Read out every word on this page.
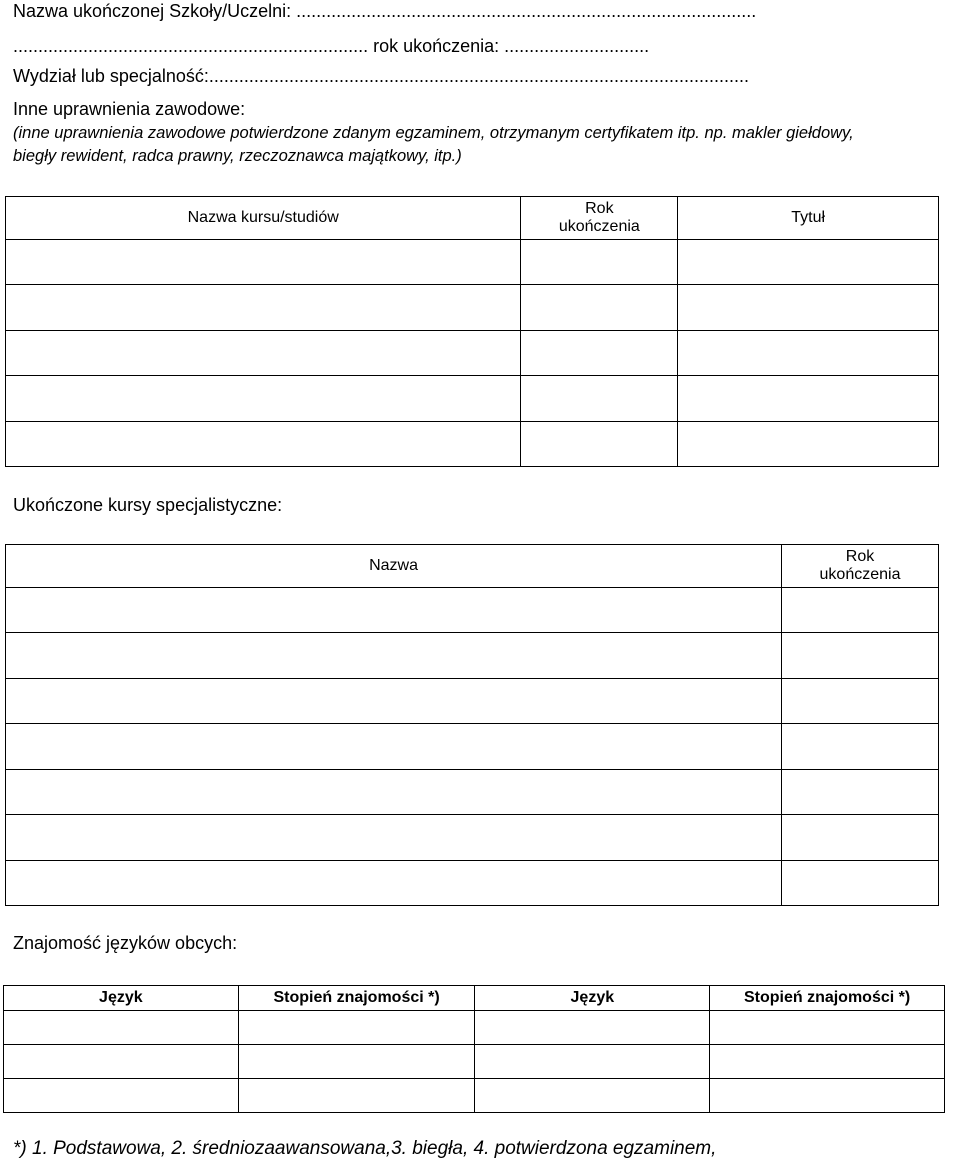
Nazwa ukończonej Szkoły/Uczelni: ............................................................................................
....................................................................... rok ukończenia: .............................
Wydział lub specjalność:............................................................................................................
Inne uprawnienia zawodowe:
(inne uprawnienia zawodowe potwierdzone zdanym egzaminem, otrzymanym certyfikatem itp. np. makler giełdowy,
biegły rewident, radca prawny, rzeczoznawca majątkowy, itp.)
Nazwa kursu/studiów	Rok ukończenia	Tytuł

Ukończone kursy specjalistyczne:
Nazwa	Rok ukończenia

Znajomość języków obcych:
Język	Stopień znajomości *)	Język	Stopień znajomości *)

*) 1. Podstawowa, 2. średniozaawansowana,3. biegła, 4. potwierdzona egzaminem,
